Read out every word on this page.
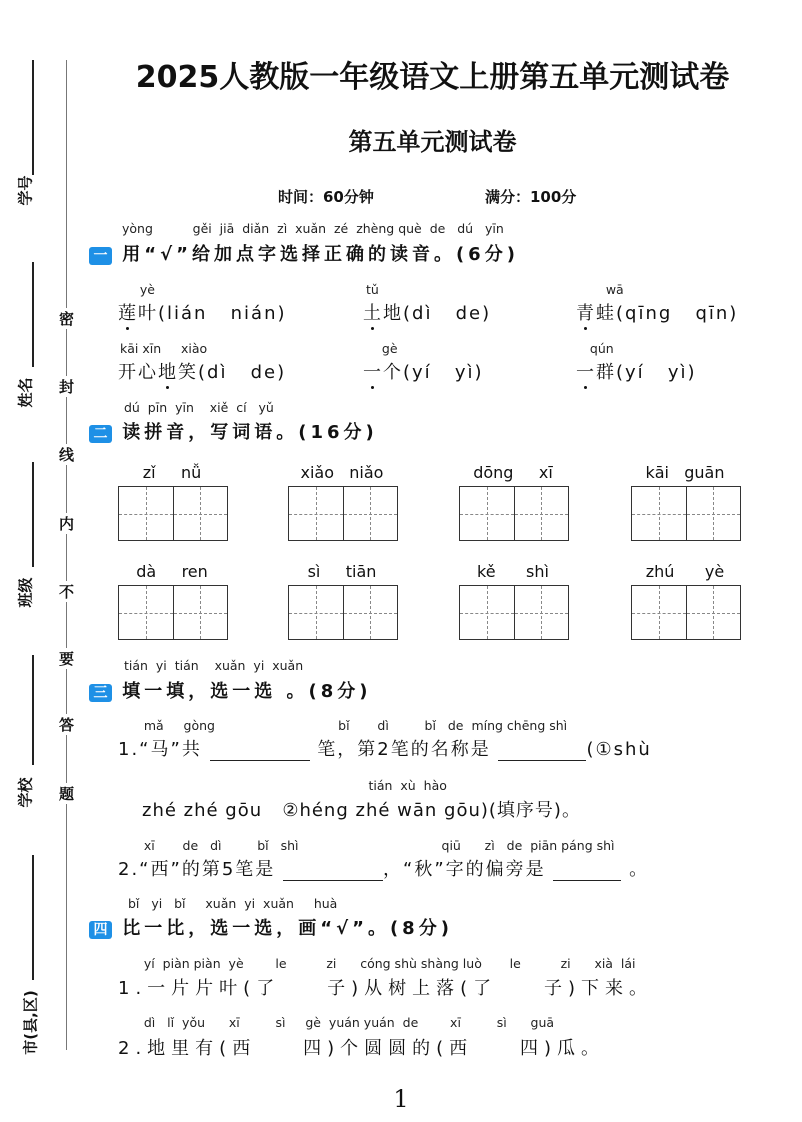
学号
姓名
班级
学校
市(县,区)
密
封
线
内
不
要
答
题
2025人教版一年级语文上册第五单元测试卷
第五单元测试卷
时间：60分钟	满分：100分
yòng          gěi  jiā  diǎn  zì  xuǎn  zé  zhèng què  de   dú   yīn
一 用“√”给加点字选择正确的读音。(6分)
yè
莲叶(lián   nián)
tǔ
土地(dì   de)
wā
青蛙(qīng   qīn)
kāi xīn     xiào
开心地笑(dì   de)
gè
一个(yí   yì)
qún
一群(yí   yì)
dú  pīn  yīn    xiě  cí   yǔ
二 读拼音，写词语。(16分)
zǐ     nǚ	xiǎo   niǎo	dōng     xī	kāi   guān
dà     ren	sì     tiān	kě      shì	zhú      yè
tián  yi  tián    xuǎn  yi  xuǎn
三 填一填，选一选 。(8分)
mǎ     gòng                               bǐ       dì         bǐ   de  míng chēng shì
1.“马”共	笔，第2笔的名称是	(①shù
tián  xù  hào
zhé zhé gōu   ②héng zhé wān gōu)(填序号)。
xī       de   dì         bǐ   shì                                    qiū      zì   de  piān páng shì
2.“西”的第5笔是	，“秋”字的偏旁是	。
bǐ   yi   bǐ     xuǎn  yi  xuǎn     huà
四 比一比，选一选，画“√”。(8分)
yí  piàn piàn  yè        le          zi      cóng shù shàng luò       le          zi      xià  lái
1.一片片叶(了    子)从树上落(了    子)下来。
dì   lǐ  yǒu      xī         sì     gè  yuán yuán  de        xī         sì      guā
2.地里有(西    四)个圆圆的(西    四)瓜。
1
